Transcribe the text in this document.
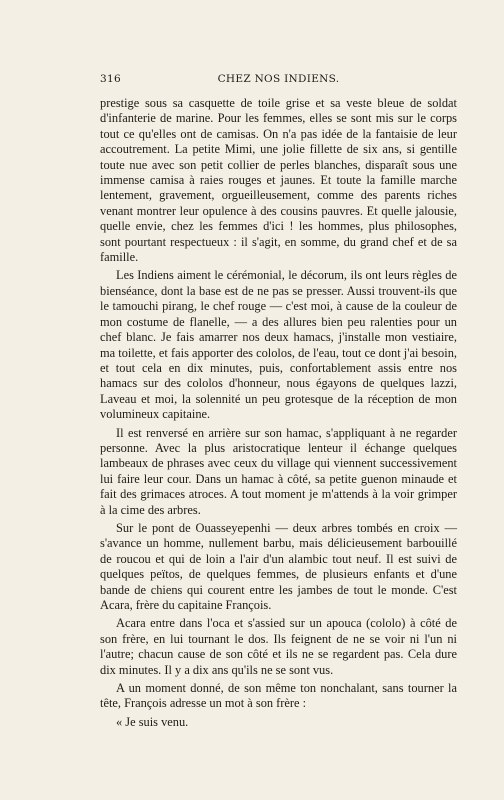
316	CHEZ NOS INDIENS.

prestige sous sa casquette de toile grise et sa veste bleue de soldat d'infanterie de marine. Pour les femmes, elles se sont mis sur le corps tout ce qu'elles ont de camisas. On n'a pas idée de la fantaisie de leur accoutrement. La petite Mimi, une jolie fillette de six ans, si gentille toute nue avec son petit collier de perles blanches, disparaît sous une immense camisa à raies rouges et jaunes. Et toute la famille marche lentement, gravement, orgueilleusement, comme des parents riches venant montrer leur opulence à des cousins pauvres. Et quelle jalousie, quelle envie, chez les femmes d'ici ! les hommes, plus philosophes, sont pourtant respectueux : il s'agit, en somme, du grand chef et de sa famille.

Les Indiens aiment le cérémonial, le décorum, ils ont leurs règles de bienséance, dont la base est de ne pas se presser. Aussi trouvent-ils que le tamouchi pirang, le chef rouge — c'est moi, à cause de la couleur de mon costume de flanelle, — a des allures bien peu ralenties pour un chef blanc. Je fais amarrer nos deux hamacs, j'installe mon vestiaire, ma toilette, et fais apporter des cololos, de l'eau, tout ce dont j'ai besoin, et tout cela en dix minutes, puis, confortablement assis entre nos hamacs sur des cololos d'honneur, nous égayons de quelques lazzi, Laveau et moi, la solennité un peu grotesque de la réception de mon volumineux capitaine.

Il est renversé en arrière sur son hamac, s'appliquant à ne regarder personne. Avec la plus aristocratique lenteur il échange quelques lambeaux de phrases avec ceux du village qui viennent successivement lui faire leur cour. Dans un hamac à côté, sa petite guenon minaude et fait des grimaces atroces. A tout moment je m'attends à la voir grimper à la cime des arbres.

Sur le pont de Ouasseyepenhi — deux arbres tombés en croix — s'avance un homme, nullement barbu, mais délicieusement barbouillé de roucou et qui de loin a l'air d'un alambic tout neuf. Il est suivi de quelques peïtos, de quelques femmes, de plusieurs enfants et d'une bande de chiens qui courent entre les jambes de tout le monde. C'est Acara, frère du capitaine François.

Acara entre dans l'oca et s'assied sur un apouca (cololo) à côté de son frère, en lui tournant le dos. Ils feignent de ne se voir ni l'un ni l'autre; chacun cause de son côté et ils ne se regardent pas. Cela dure dix minutes. Il y a dix ans qu'ils ne se sont vus.

A un moment donné, de son même ton nonchalant, sans tourner la tête, François adresse un mot à son frère :

« Je suis venu.
